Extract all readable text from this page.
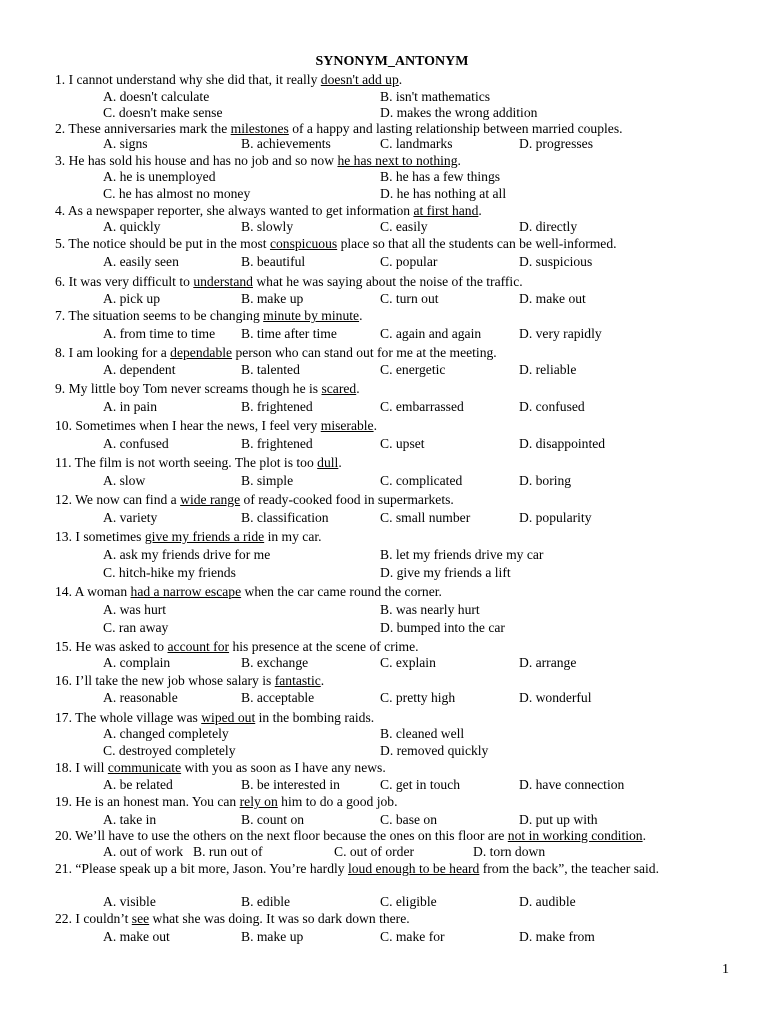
SYNONYM_ANTONYM
1. I cannot understand why she did that, it really doesn't add up.
A. doesn't calculate	B. isn't mathematics
C. doesn't make sense	D. makes the wrong addition
2. These anniversaries mark the milestones of a happy and lasting relationship between married couples.
A. signs	B. achievements	C. landmarks	D. progresses
3. He has sold his house and has no job and so now he has next to nothing.
A. he is unemployed	B. he has a few things
C. he has almost no money	D. he has nothing at all
4. As a newspaper reporter, she always wanted to get information at first hand.
A. quickly	B. slowly	C. easily	D. directly
5. The notice should be put in the most conspicuous place so that all the students can be well-informed.
A. easily seen	B. beautiful	C. popular	D. suspicious
6. It was very difficult to understand what he was saying about the noise of the traffic.
A. pick up	B. make up	C. turn out	D. make out
7. The situation seems to be changing minute by minute.
A. from time to time B. time after time	C. again and again	D. very rapidly
8. I am looking for a dependable person who can stand out for me at the meeting.
A. dependent	B. talented	C. energetic	D. reliable
9. My little boy Tom never screams though he is scared.
A. in pain	B. frightened	C. embarrassed	D. confused
10. Sometimes when I hear the news, I feel very miserable.
A. confused	B. frightened	C. upset	D. disappointed
11. The film is not worth seeing. The plot is too dull.
A. slow	B. simple	C. complicated	D. boring
12. We now can find a wide range of ready-cooked food in supermarkets.
A. variety	B. classification	C. small number	D. popularity
13. I sometimes give my friends a ride in my car.
A. ask my friends drive for me	B. let my friends drive my car
C. hitch-hike my friends	D. give my friends a lift
14. A woman had a narrow escape when the car came round the corner.
A. was hurt	B. was nearly hurt
C. ran away	D. bumped into the car
15. He was asked to account for his presence at the scene of crime.
A. complain	B. exchange	C. explain	D. arrange
16. I’ll take the new job whose salary is fantastic.
A. reasonable	B. acceptable	C. pretty high	D. wonderful
17. The whole village was wiped out in the bombing raids.
A. changed completely	B. cleaned well
C. destroyed completely	D. removed quickly
18. I will communicate with you as soon as I have any news.
A. be related	B. be interested in	C. get in touch	D. have connection
19. He is an honest man. You can rely on him to do a good job.
A. take in	B. count on	C. base on	D. put up with
20. We’ll have to use the others on the next floor because the ones on this floor are not in working condition.
A. out of work B. run out of	C. out of order	D. torn down
21. “Please speak up a bit more, Jason. You’re hardly loud enough to be heard from the back”, the teacher said.
A. visible	B. edible	C. eligible	D. audible
22. I couldn’t see what she was doing. It was so dark down there.
A. make out	B. make up	C. make for	D. make from
1
